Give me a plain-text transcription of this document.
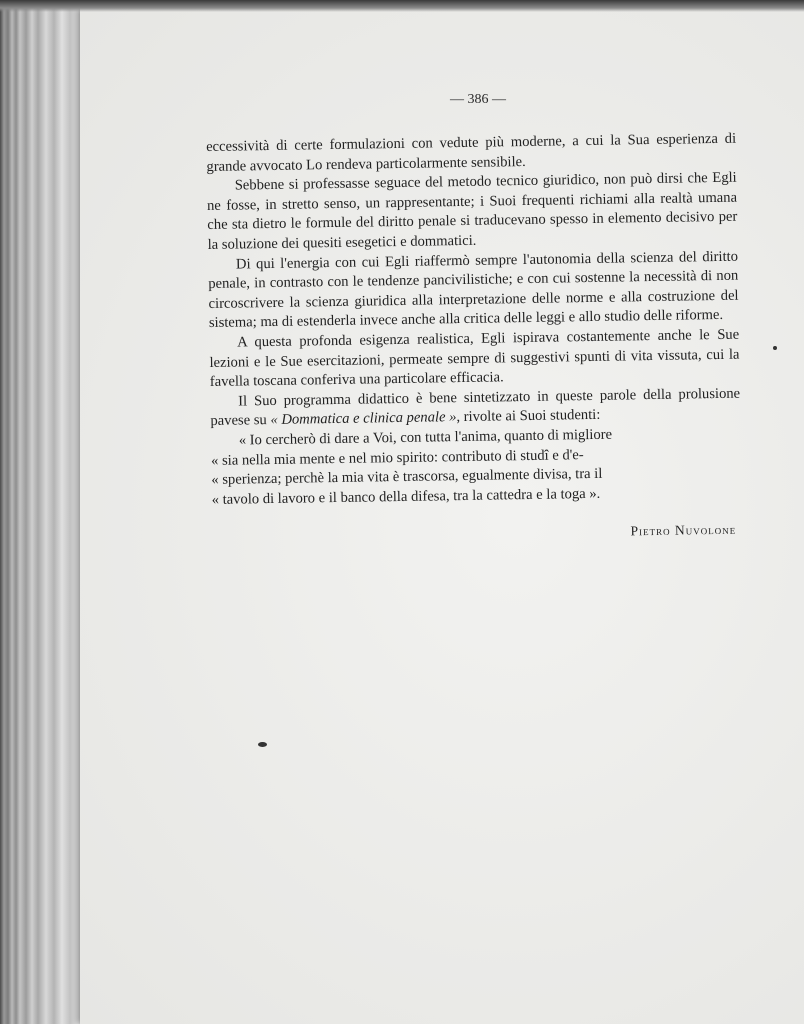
— 386 —

eccessività di certe formulazioni con vedute più moderne, a cui la Sua esperienza di grande avvocato Lo rendeva particolarmente sensibile.

Sebbene si professasse seguace del metodo tecnico giuridico, non può dirsi che Egli ne fosse, in stretto senso, un rappresentante; i Suoi frequenti richiami alla realtà umana che sta dietro le formule del diritto penale si traducevano spesso in elemento decisivo per la soluzione dei quesiti esegetici e dommatici.

Di qui l'energia con cui Egli riaffermò sempre l'autonomia della scienza del diritto penale, in contrasto con le tendenze pancivilistiche; e con cui sostenne la necessità di non circoscrivere la scienza giuridica alla interpretazione delle norme e alla costruzione del sistema; ma di estenderla invece anche alla critica delle leggi e allo studio delle riforme.

A questa profonda esigenza realistica, Egli ispirava costantemente anche le Sue lezioni e le Sue esercitazioni, permeate sempre di suggestivi spunti di vita vissuta, cui la favella toscana conferiva una particolare efficacia.

Il Suo programma didattico è bene sintetizzato in queste parole della prolusione pavese su « Dommatica e clinica penale », rivolte ai Suoi studenti:

« Io cercherò di dare a Voi, con tutta l'anima, quanto di migliore

« sia nella mia mente e nel mio spirito: contributo di studî e d'e-

« sperienza; perchè la mia vita è trascorsa, egualmente divisa, tra il

« tavolo di lavoro e il banco della difesa, tra la cattedra e la toga ».

Pietro Nuvolone
